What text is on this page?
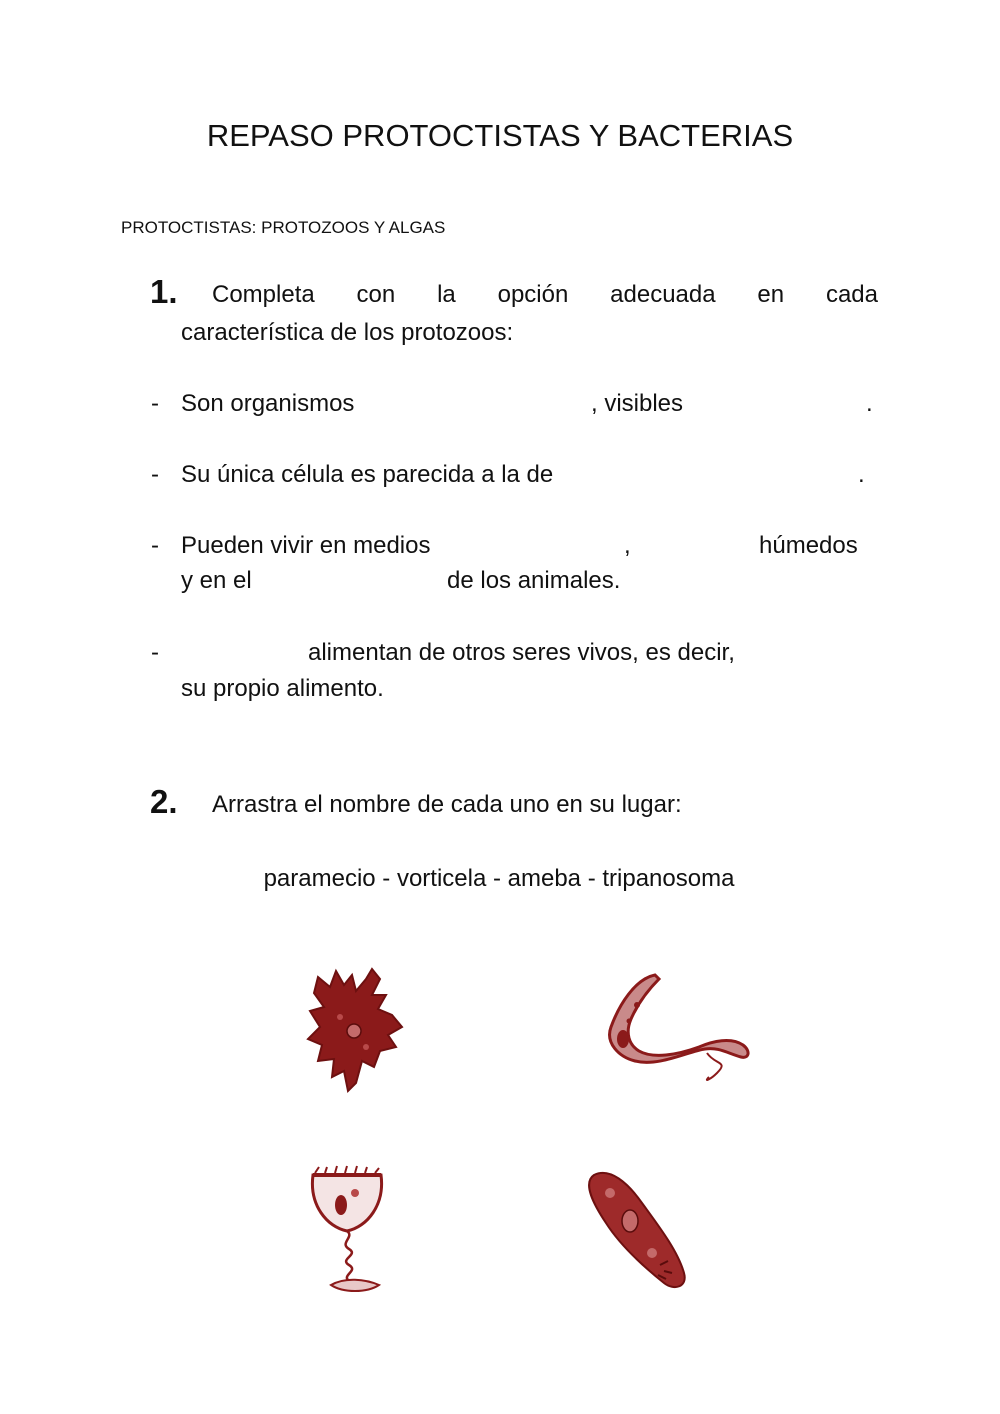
REPASO PROTOCTISTAS Y BACTERIAS
PROTOCTISTAS: PROTOZOOS Y ALGAS
1. Completa con la opción adecuada en cada
característica de los protozoos:
- Son organismos	, visibles	.
- Su única célula es parecida a la de	.
- Pueden vivir en medios	,	húmedos
y en el	de los animales.
-	alimentan de otros seres vivos, es decir,
su propio alimento.
2. Arrastra el nombre de cada uno en su lugar:
paramecio - vorticela - ameba - tripanosoma
